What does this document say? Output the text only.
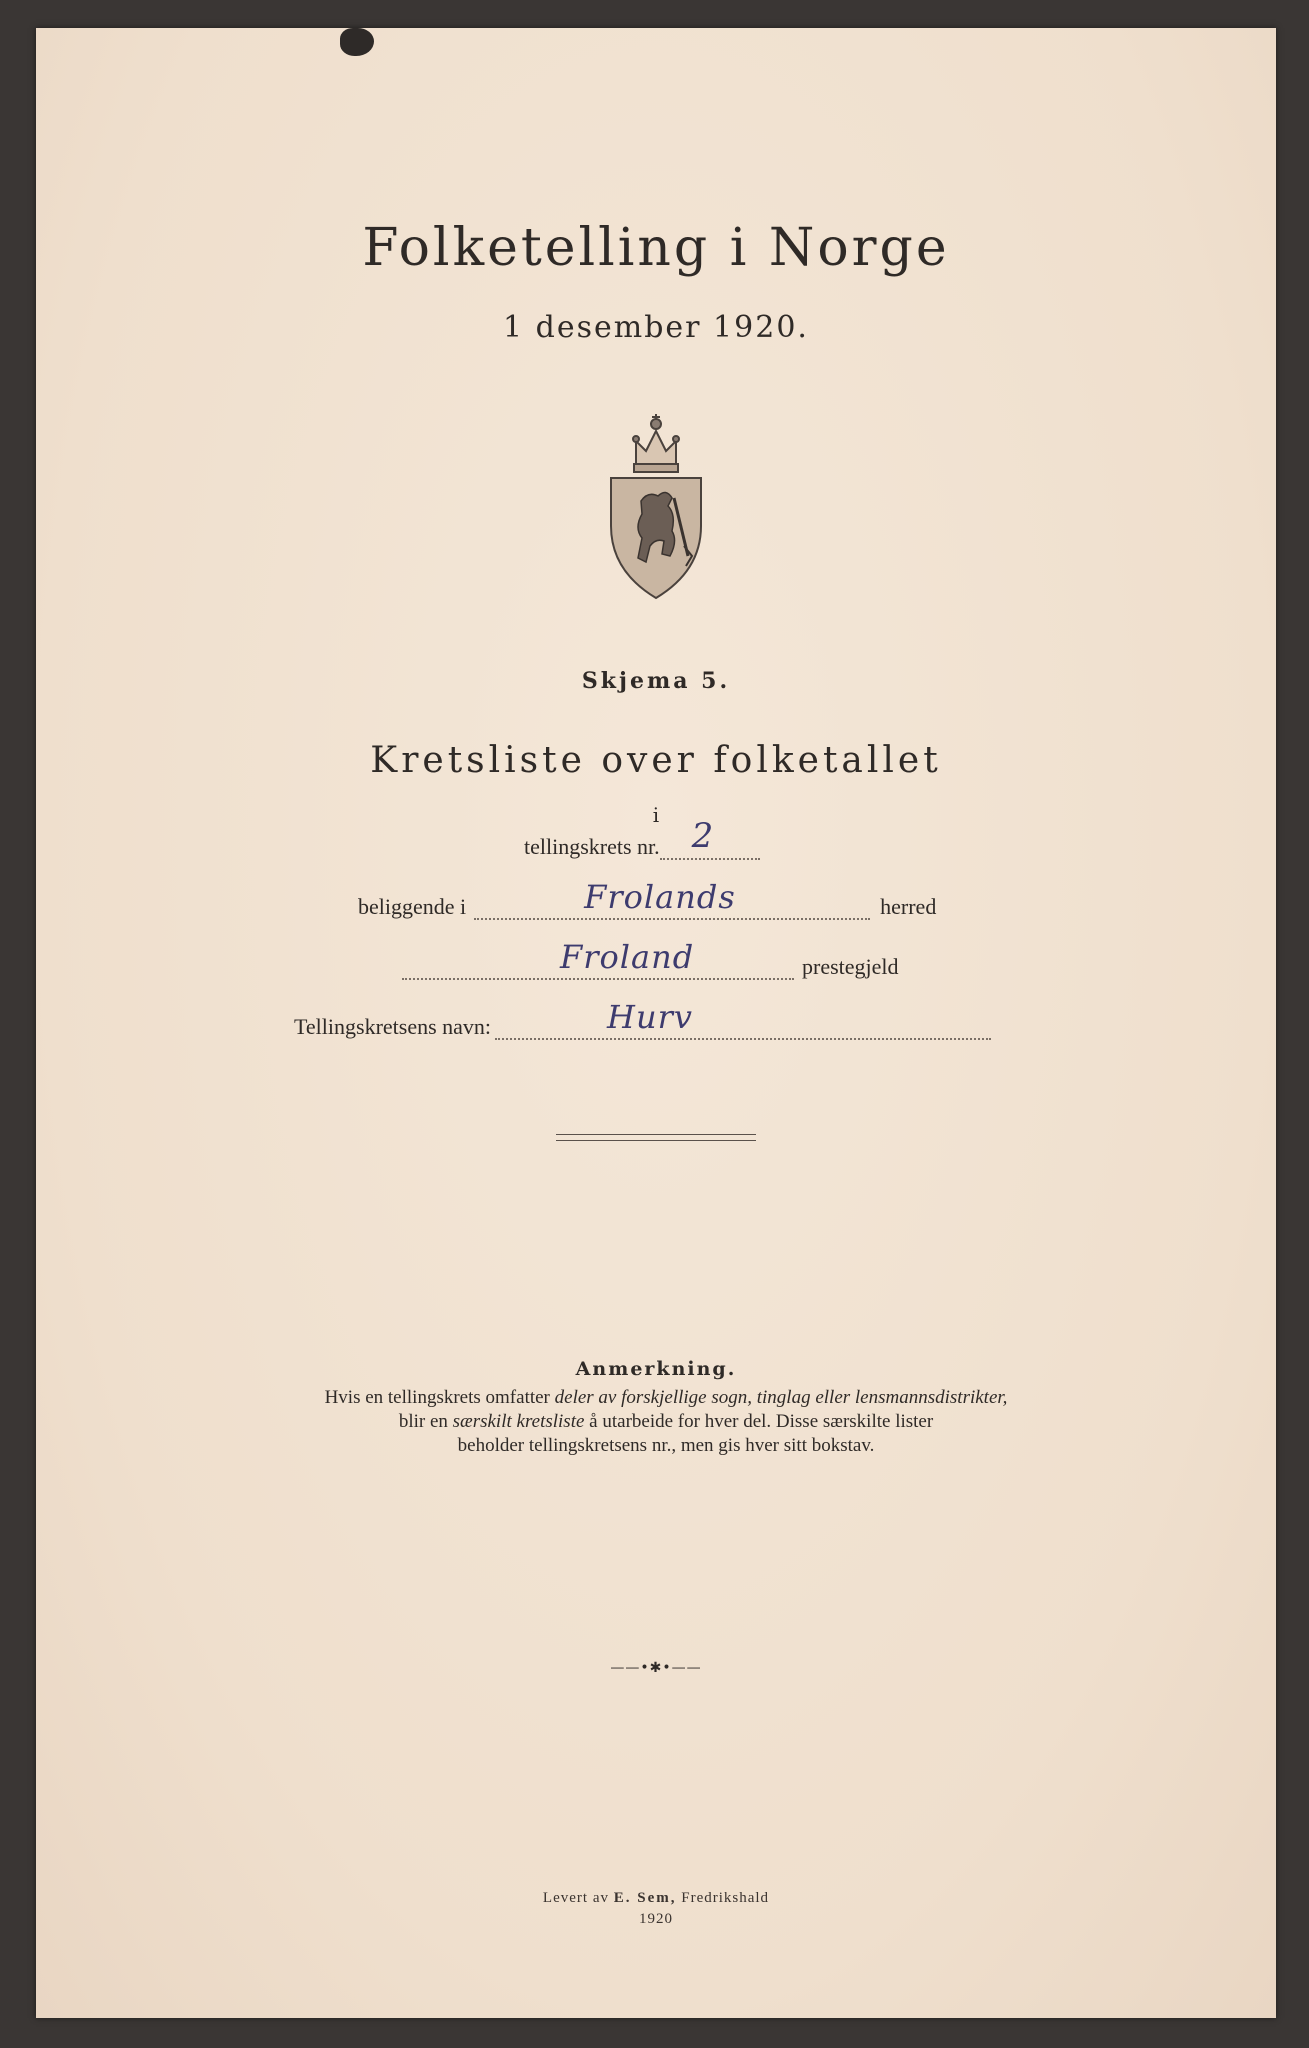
Folketelling i Norge
1 desember 1920.
Skjema 5.
Kretsliste over folketallet
i
tellingskrets nr. 2
beliggende i	Frolands	herred
Froland	prestegjeld
Tellingskretsens navn:	Hurv
Anmerkning.
Hvis en tellingskrets omfatter deler av forskjellige sogn, tinglag eller lensmannsdistrikter,
blir en særskilt kretsliste å utarbeide for hver del. Disse særskilte lister
beholder tellingskretsens nr., men gis hver sitt bokstav.
——•✱•——
Levert av E. Sem, Fredrikshald
1920
